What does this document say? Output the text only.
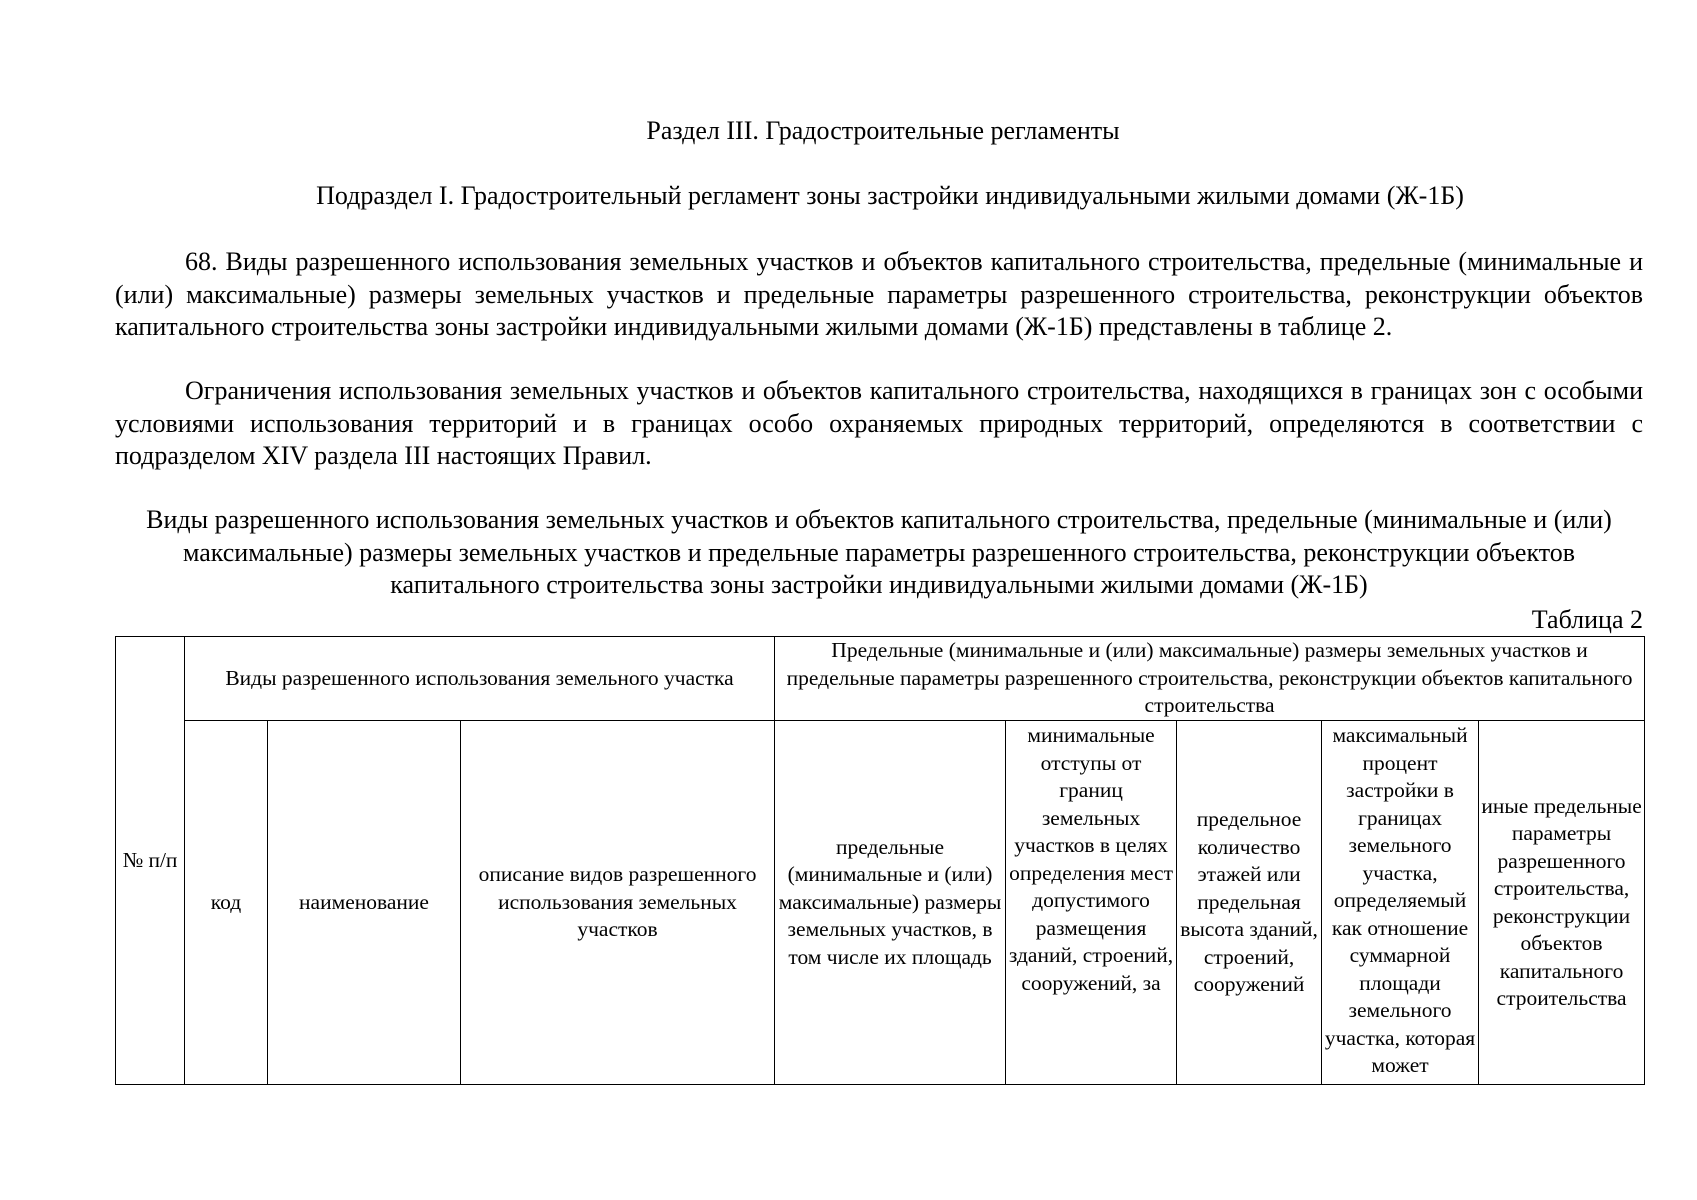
Раздел III. Градостроительные регламенты
Подраздел I. Градостроительный регламент зоны застройки индивидуальными жилыми домами (Ж-1Б)

68. Виды разрешенного использования земельных участков и объектов капитального строительства, предельные (минимальные и (или) максимальные) размеры земельных участков и предельные параметры разрешенного строительства, реконструкции объектов капитального строительства зоны застройки индивидуальными жилыми домами (Ж-1Б) представлены в таблице 2.

Ограничения использования земельных участков и объектов капитального строительства, находящихся в границах зон с особыми условиями использования территорий и в границах особо охраняемых природных территорий, определяются в соответствии с подразделом XIV раздела III настоящих Правил.

Виды разрешенного использования земельных участков и объектов капитального строительства, предельные (минимальные и (или) максимальные) размеры земельных участков и предельные параметры разрешенного строительства, реконструкции объектов капитального строительства зоны застройки индивидуальными жилыми домами (Ж-1Б)

Таблица 2
№ п/п	Виды разрешенного использования земельного участка			Предельные (минимальные и (или) максимальные) размеры земельных участков и предельные параметры разрешенного строительства, реконструкции объектов капитального строительства				
	код	наименование	описание видов разрешенного использования земельных участков	предельные (минимальные и (или) максимальные) размеры земельных участков, в том числе их площадь	минимальные отступы от границ земельных участков в целях определения мест допустимого размещения зданий, строений, сооружений, за	предельное количество этажей или предельная высота зданий, строений, сооружений	максимальный процент застройки в границах земельного участка, определяемый как отношение суммарной площади земельного участка, которая может	иные предельные параметры разрешенного строительства, реконструкции объектов капитального строительства
